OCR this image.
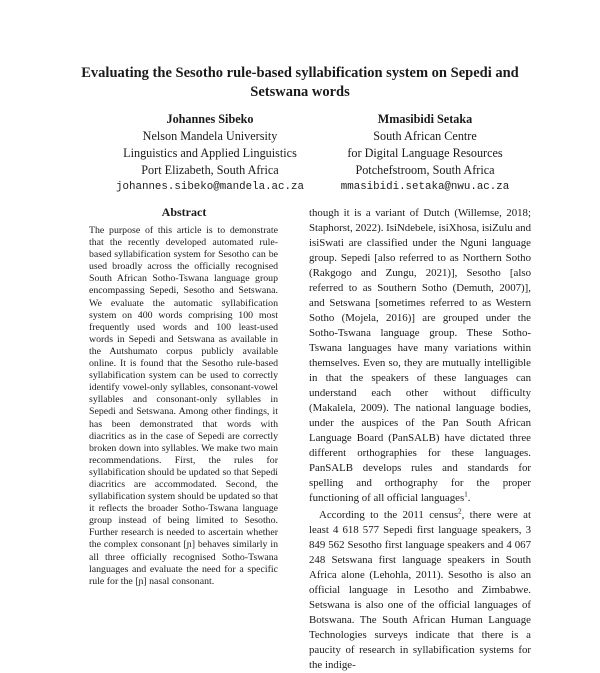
Evaluating the Sesotho rule-based syllabification system on Sepedi and Setswana words
Johannes Sibeko
Nelson Mandela University
Linguistics and Applied Linguistics
Port Elizabeth, South Africa
johannes.sibeko@mandela.ac.za
Mmasibidi Setaka
South African Centre
for Digital Language Resources
Potchefstroom, South Africa
mmasibidi.setaka@nwu.ac.za
Abstract
The purpose of this article is to demonstrate that the recently developed automated rule-based syllabification system for Sesotho can be used broadly across the officially recognised South African Sotho-Tswana language group encompassing Sepedi, Sesotho and Setswana. We evaluate the automatic syllabification system on 400 words comprising 100 most frequently used words and 100 least-used words in Sepedi and Setswana as available in the Autshumato corpus publicly available online. It is found that the Sesotho rule-based syllabification system can be used to correctly identify vowel-only syllables, consonant-vowel syllables and consonant-only syllables in Sepedi and Setswana. Among other findings, it has been demonstrated that words with diacritics as in the case of Sepedi are correctly broken down into syllables. We make two main recommendations. First, the rules for syllabification should be updated so that Sepedi diacritics are accommodated. Second, the syllabification system should be updated so that it reflects the broader Sotho-Tswana language group instead of being limited to Sesotho. Further research is needed to ascertain whether the complex consonant [ɲ] behaves similarly in all three officially recognised Sotho-Tswana languages and evaluate the need for a specific rule for the [ɲ] nasal consonant.

though it is a variant of Dutch (Willemse, 2018; Staphorst, 2022). IsiNdebele, isiXhosa, isiZulu and isiSwati are classified under the Nguni language group. Sepedi [also referred to as Northern Sotho (Rakgogo and Zungu, 2021)], Sesotho [also referred to as Southern Sotho (Demuth, 2007)], and Setswana [sometimes referred to as Western Sotho (Mojela, 2016)] are grouped under the Sotho-Tswana language group. These Sotho-Tswana languages have many variations within themselves. Even so, they are mutually intelligible in that the speakers of these languages can understand each other without difficulty (Makalela, 2009). The national language bodies, under the auspices of the Pan South African Language Board (PanSALB) have dictated three different orthographies for these languages. PanSALB develops rules and standards for spelling and orthography for the proper functioning of all official languages$^1$.

According to the 2011 census$^2$, there were at least 4 618 577 Sepedi first language speakers, 3 849 562 Sesotho first language speakers and 4 067 248 Setswana first language speakers in South Africa alone (Lehohla, 2011). Sesotho is also an official language in Lesotho and Zimbabwe. Setswana is also one of the official languages of Botswana. The South African Human Language Technologies surveys indicate that there is a paucity of research in syllabification systems for the indige-
